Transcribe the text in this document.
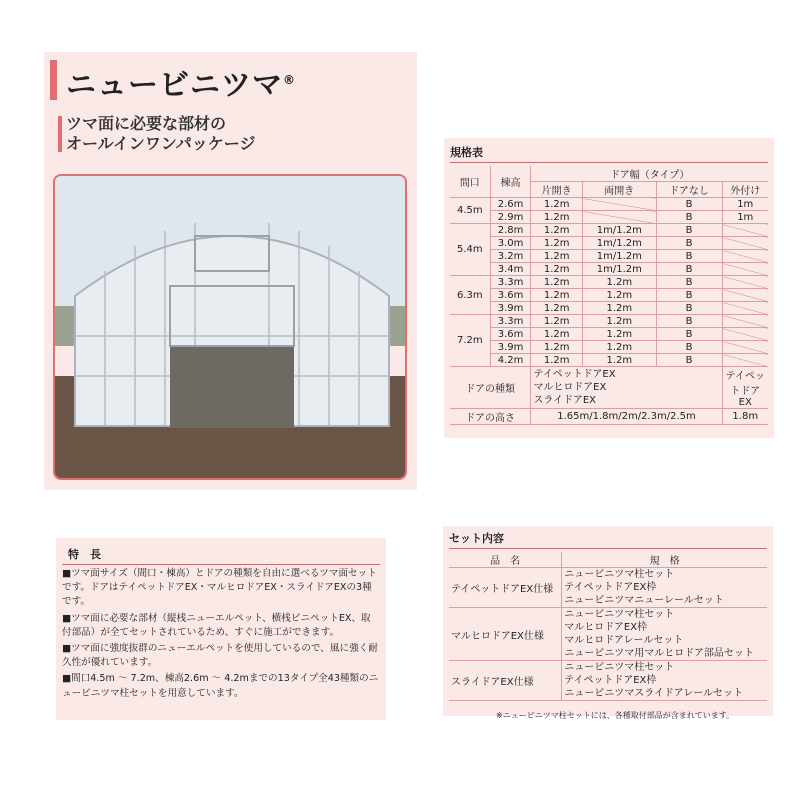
ニュービニツマ®
ツマ面に必要な部材の
オールインワンパッケージ	規格表
間口	棟高	ドア幅（タイプ）			
		片開き	両開き	ドアなし	外付け
4.5m	2.6m	1.2m		B	1m
	2.9m	1.2m		B	1m
5.4m	2.8m	1.2m	1m/1.2m	B	
	3.0m	1.2m	1m/1.2m	B	
	3.2m	1.2m	1m/1.2m	B	
	3.4m	1.2m	1m/1.2m	B	
6.3m	3.3m	1.2m	1.2m	B	
	3.6m	1.2m	1.2m	B	
	3.9m	1.2m	1.2m	B	
7.2m	3.3m	1.2m	1.2m	B	
	3.6m	1.2m	1.2m	B	
	3.9m	1.2m	1.2m	B	
	4.2m	1.2m	1.2m	B	
ドアの種類		テイペットドアEX
マルヒロドアEX
スライドアEX			テイペットドアEX
ドアの高さ		1.65m/1.8m/2m/2.3m/2.5m			1.8m
特　長

■ツマ面サイズ（間口・棟高）とドアの種類を自由に選べるツマ面セットです。ドアはテイペットドアEX・マルヒロドアEX・スライドアEXの3種です。

■ツマ面に必要な部材（縦桟ニューエルペット、横桟ビニペットEX、取付部品）が全てセットされているため、すぐに施工ができます。

■ツマ面に強度抜群のニューエルペットを使用しているので、風に強く耐久性が優れています。

■間口4.5m ～ 7.2m、棟高2.6m ～ 4.2mまでの13タイプ全43種類のニュービニツマ柱セットを用意しています。

セット内容
品　名	規　格
テイペットドアEX仕様	ニュービニツマ柱セット
テイペットドアEX枠
ニュービニツマニューレールセット

マルヒロドアEX仕様	ニュービニツマ柱セット
マルヒロドアEX枠
マルヒロドアレールセット
ニュービニツマ用マルヒロドア部品セット

スライドアEX仕様	ニュービニツマ柱セット
テイペットドアEX枠
ニュービニツマスライドアレールセット
※ニュービニツマ柱セットには、各種取付部品が含まれています。
